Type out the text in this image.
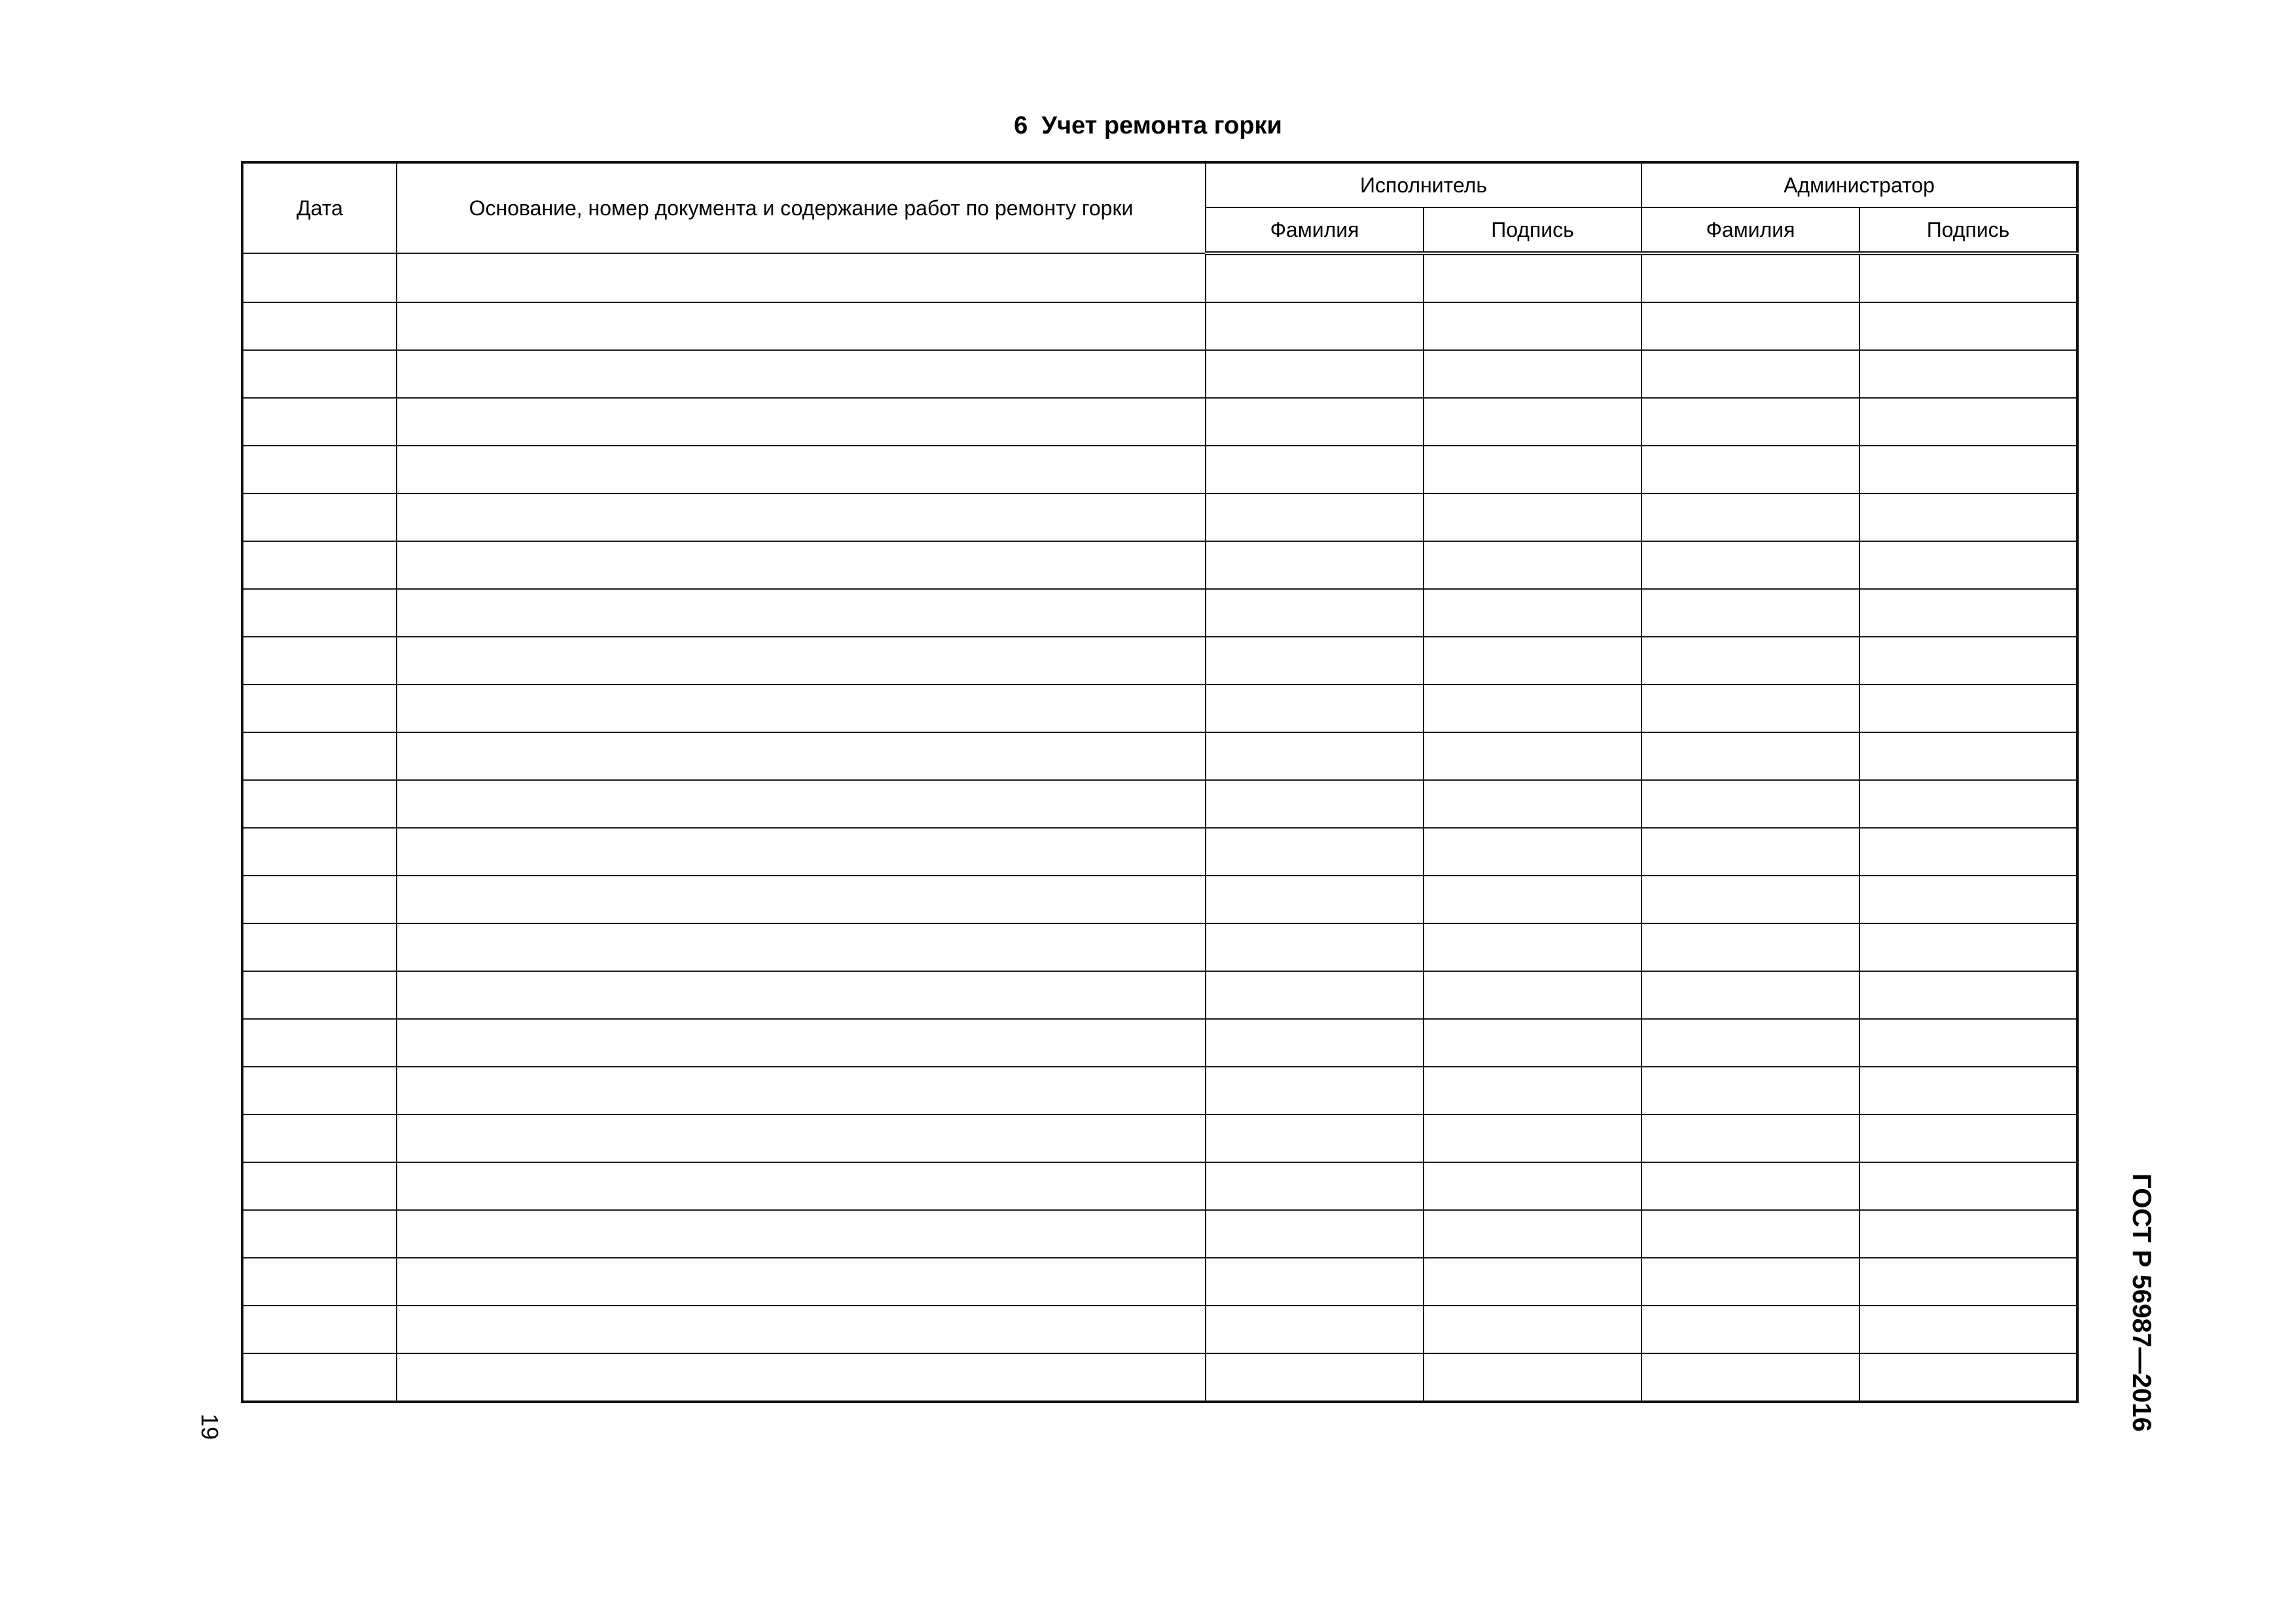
6  Учет ремонта горки
Дата	Основание, номер документа и содержание работ по ремонту горки	Исполнитель		Администратор	
		Фамилия	Подпись	Фамилия	Подпись

ГОСТ Р 56987—2016
19
